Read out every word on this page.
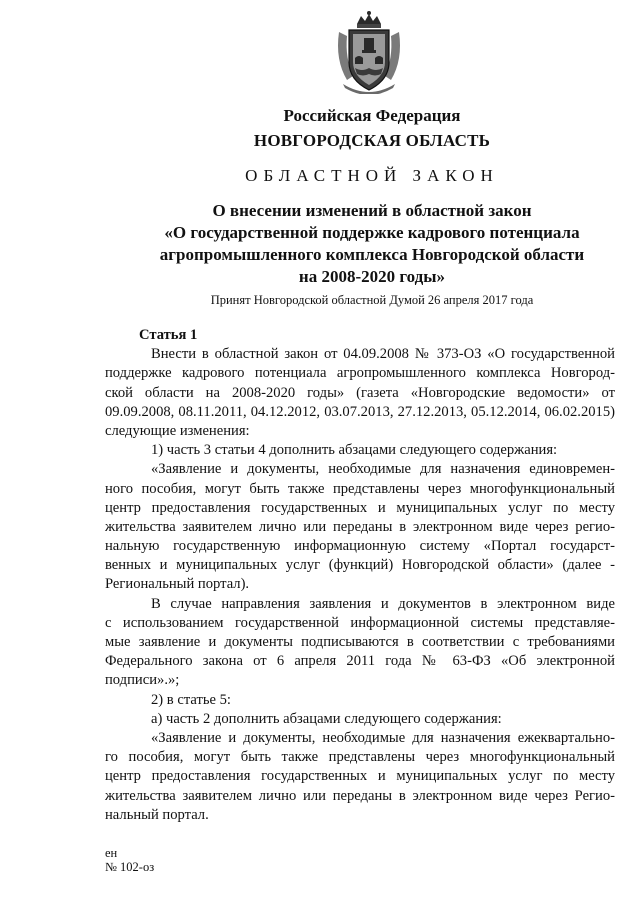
Российская Федерация
НОВГОРОДСКАЯ ОБЛАСТЬ
ОБЛАСТНОЙ ЗАКОН
О внесении изменений в областной закон
«О государственной поддержке кадрового потенциала
агропромышленного комплекса Новгородской области
на 2008-2020 годы»
Принят Новгородской областной Думой 26 апреля 2017 года
Статья 1
Внести в областной закон от 04.09.2008 № 373-ОЗ «О государственной
поддержке кадрового потенциала агропромышленного комплекса Новгород-
ской области на 2008-2020 годы» (газета «Новгородские ведомости» от
09.09.2008, 08.11.2011, 04.12.2012, 03.07.2013, 27.12.2013, 05.12.2014, 06.02.2015)
следующие изменения:
1) часть 3 статьи 4 дополнить абзацами следующего содержания:
«Заявление и документы, необходимые для назначения единовремен-
ного пособия, могут быть также представлены через многофункциональный
центр предоставления государственных и муниципальных услуг по месту
жительства заявителем лично или переданы в электронном виде через регио-
нальную государственную информационную систему «Портал государст-
венных и муниципальных услуг (функций) Новгородской области» (далее -
Региональный портал).
В случае направления заявления и документов в электронном виде
с использованием государственной информационной системы представляе-
мые заявление и документы подписываются в соответствии с требованиями
Федерального закона от 6 апреля 2011 года № 63-ФЗ «Об электронной
подписи».»;
2) в статье 5:
а) часть 2 дополнить абзацами следующего содержания:
«Заявление и документы, необходимые для назначения ежеквартально-
го пособия, могут быть также представлены через многофункциональный
центр предоставления государственных и муниципальных услуг по месту
жительства заявителем лично или переданы в электронном виде через Регио-
нальный портал.
ен
№ 102-оз
